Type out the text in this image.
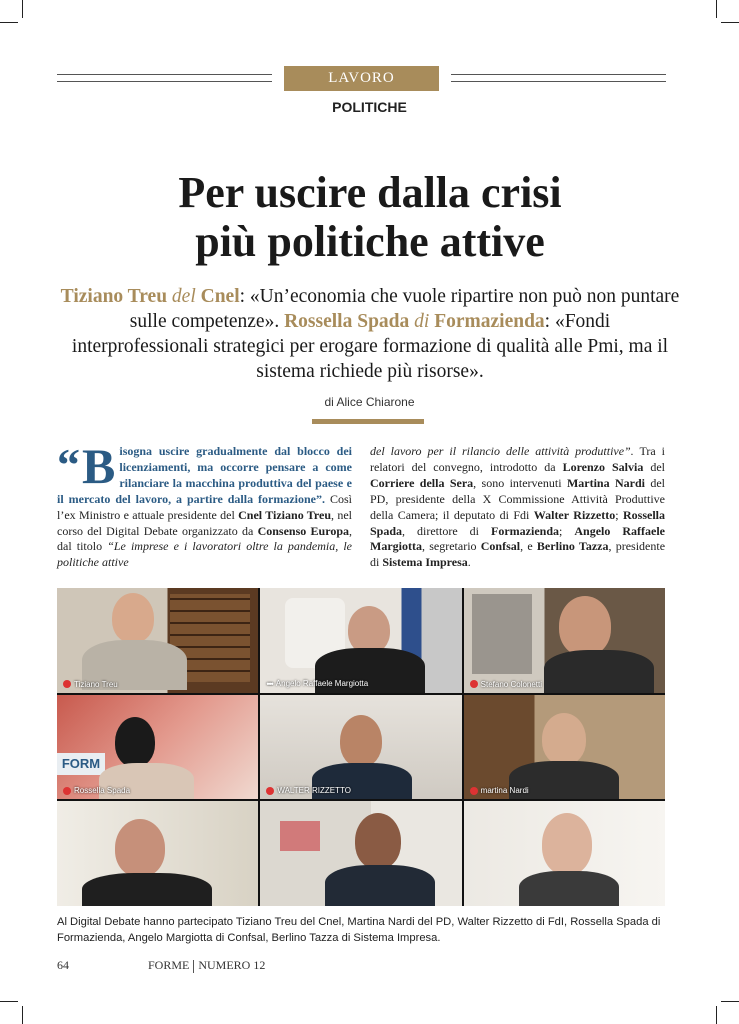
LAVORO
POLITICHE
Per uscire dalla crisi
più politiche attive
Tiziano Treu del Cnel: «Un’economia che vuole ripartire non può non puntare sulle competenze». Rossella Spada di Formazienda: «Fondi interprofessionali strategici per erogare formazione di qualità alle Pmi, ma il sistema richiede più risorse».
di Alice Chiarone
“ B isogna uscire gradualmente dal blocco dei licenziamenti, ma occorre pensare a come rilanciare la macchina produttiva del paese e il mercato del lavoro, a partire dalla formazione”. Così l’ex Ministro e attuale presidente del Cnel Tiziano Treu, nel corso del Digital Debate organizzato da Consenso Europa, dal titolo “Le imprese e i lavoratori oltre la pandemia, le politiche attive
del lavoro per il rilancio delle attività produttive”. Tra i relatori del convegno, introdotto da Lorenzo Salvia del Corriere della Sera, sono intervenuti Martina Nardi del PD, presidente della X Commissione Attività Produttive della Camera; il deputato di Fdi Walter Rizzetto; Rossella Spada, direttore di Formazienda; Angelo Raffaele Margiotta, segretario Confsal, e Berlino Tazza, presidente di Sistema Impresa.
Tiziano Treu	••• Angelo Raffaele Margiotta	Stefano Colonetti
FORM
Rossella Spada	WALTER RIZZETTO	martina Nardi
Al Digital Debate hanno partecipato Tiziano Treu del Cnel, Martina Nardi del PD, Walter Rizzetto di FdI, Rossella Spada di Formazienda, Angelo Margiotta di Confsal, Berlino Tazza di Sistema Impresa.
64	FORME NUMERO 12
